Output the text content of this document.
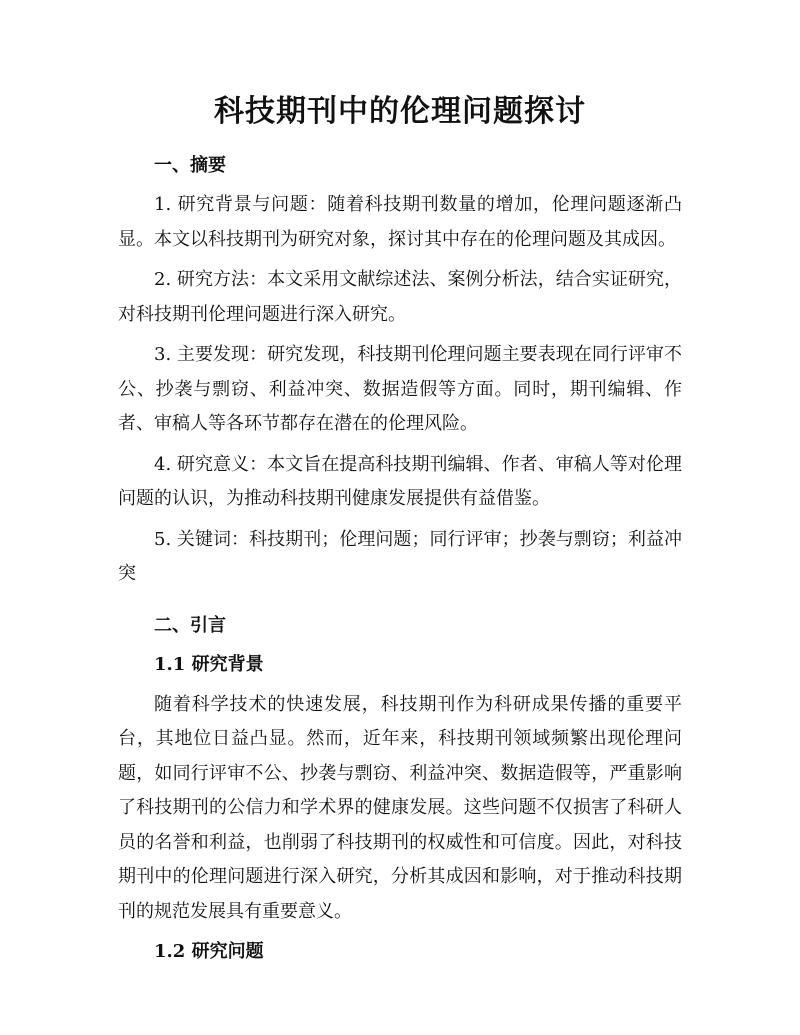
科技期刊中的伦理问题探讨
一、摘要

1. 研究背景与问题：随着科技期刊数量的增加，伦理问题逐渐凸显。本文以科技期刊为研究对象，探讨其中存在的伦理问题及其成因。

2. 研究方法：本文采用文献综述法、案例分析法，结合实证研究，对科技期刊伦理问题进行深入研究。

3. 主要发现：研究发现，科技期刊伦理问题主要表现在同行评审不公、抄袭与剽窃、利益冲突、数据造假等方面。同时，期刊编辑、作者、审稿人等各环节都存在潜在的伦理风险。

4. 研究意义：本文旨在提高科技期刊编辑、作者、审稿人等对伦理问题的认识，为推动科技期刊健康发展提供有益借鉴。

5. 关键词：科技期刊；伦理问题；同行评审；抄袭与剽窃；利益冲突

二、引言
1.1 研究背景

随着科学技术的快速发展，科技期刊作为科研成果传播的重要平台，其地位日益凸显。然而，近年来，科技期刊领域频繁出现伦理问题，如同行评审不公、抄袭与剽窃、利益冲突、数据造假等，严重影响了科技期刊的公信力和学术界的健康发展。这些问题不仅损害了科研人员的名誉和利益，也削弱了科技期刊的权威性和可信度。因此，对科技期刊中的伦理问题进行深入研究，分析其成因和影响，对于推动科技期刊的规范发展具有重要意义。

1.2 研究问题
